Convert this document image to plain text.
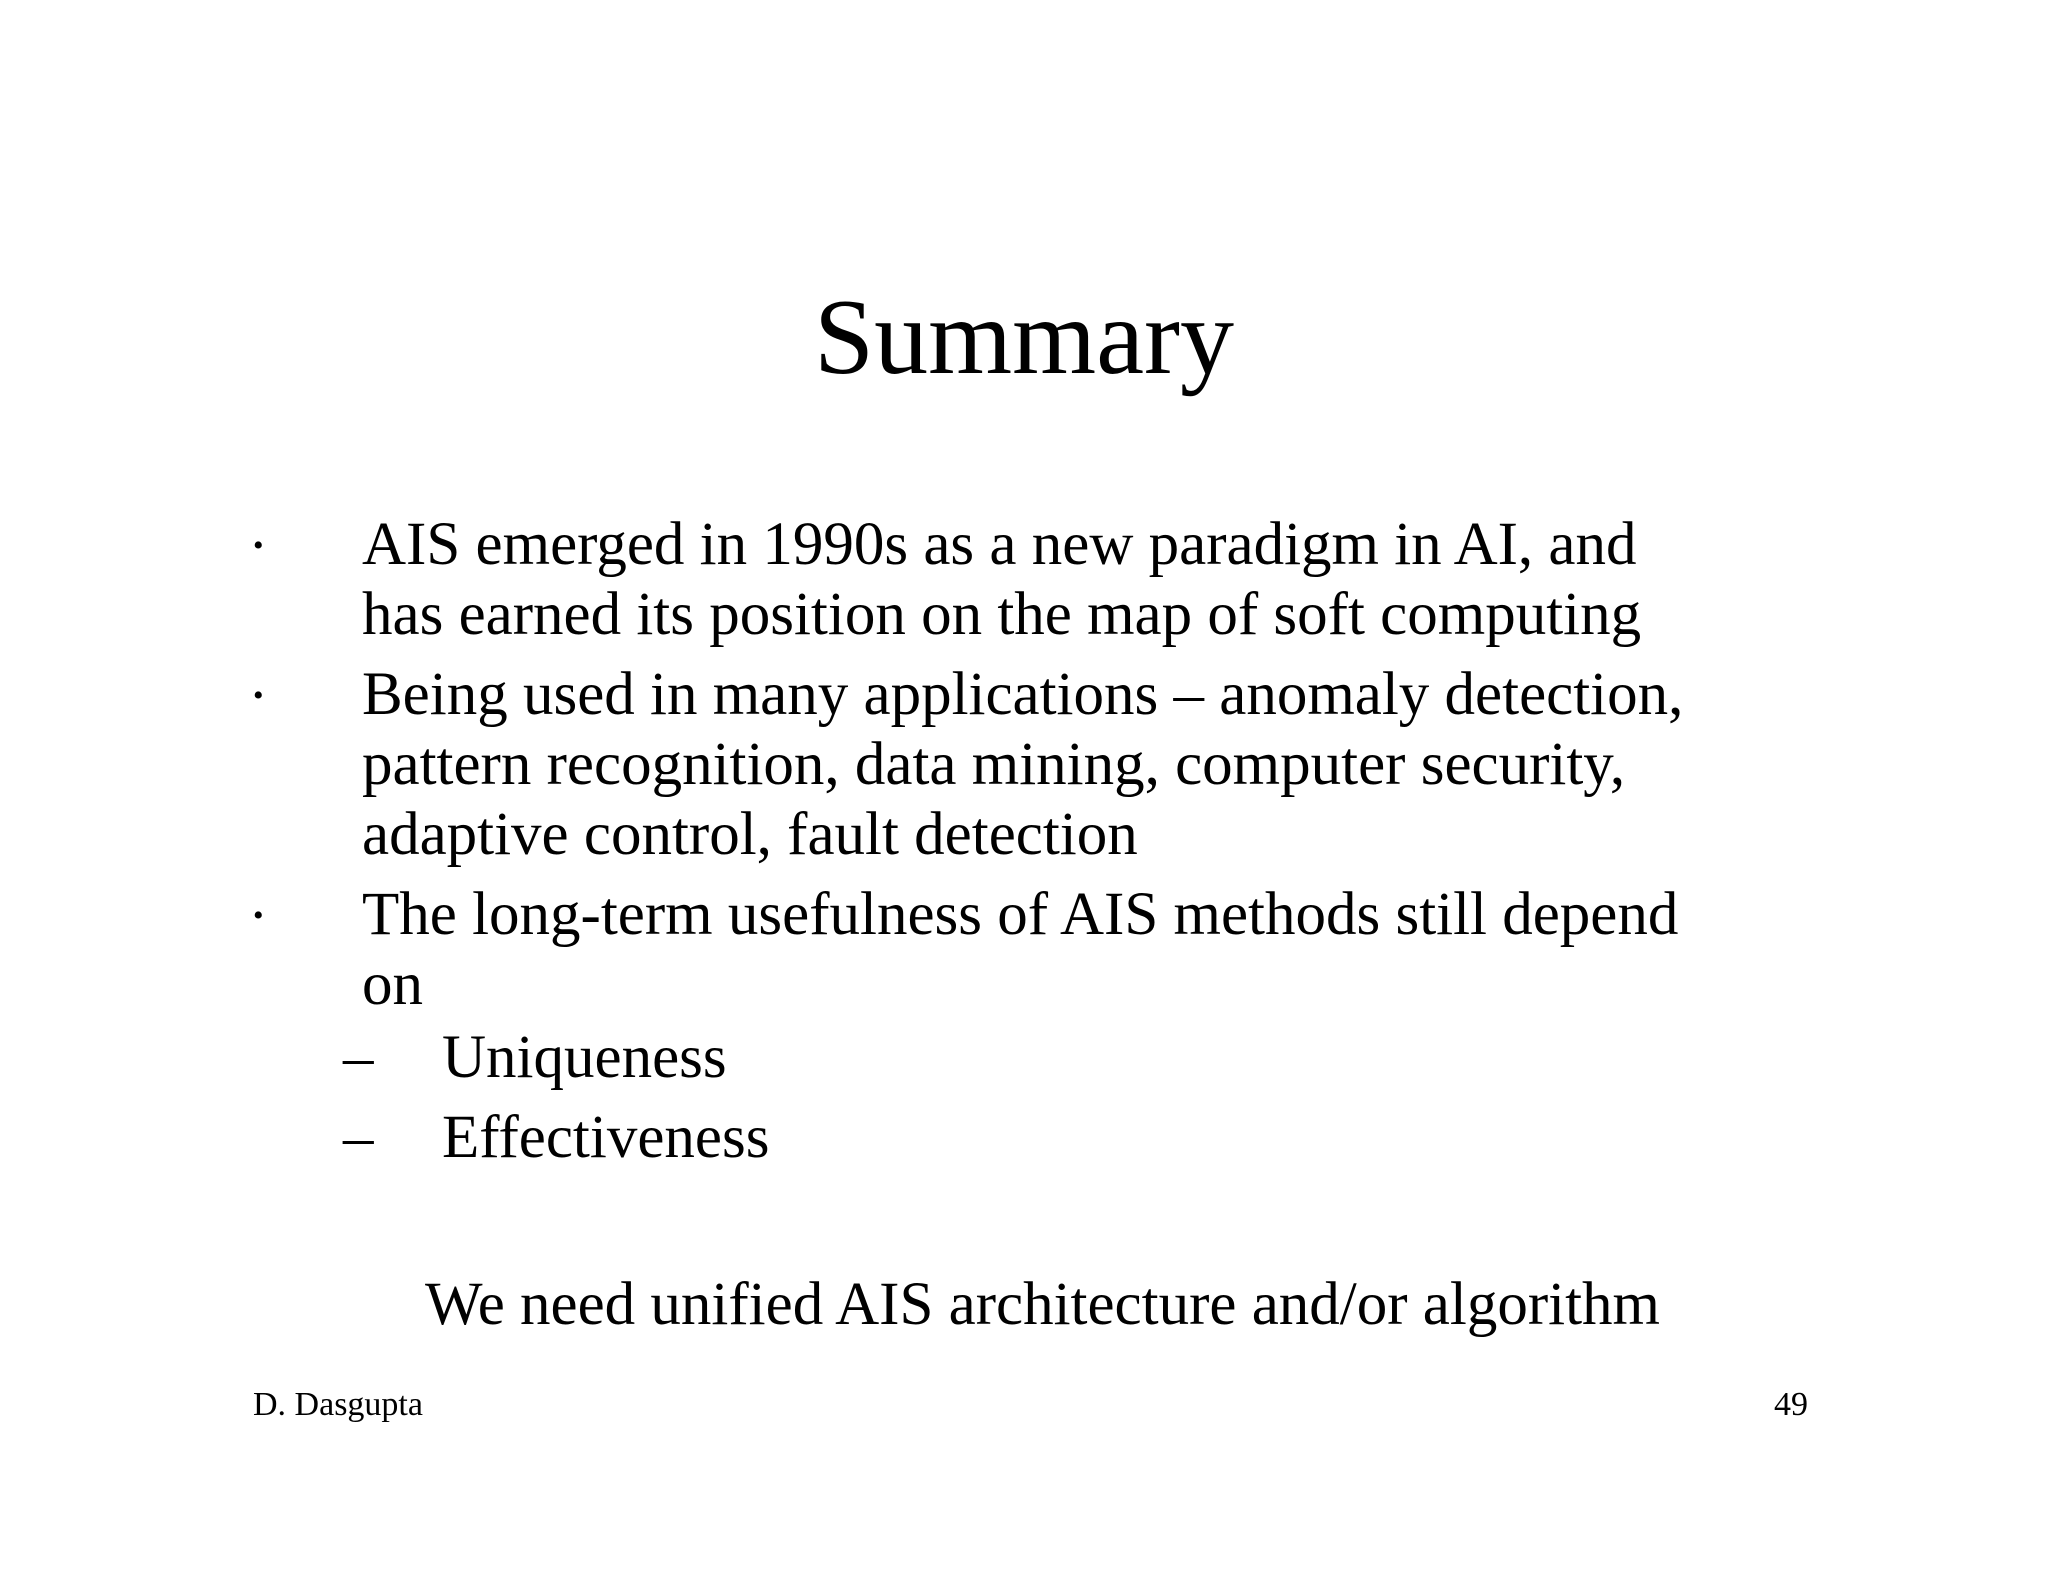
Summary
• AIS emerged in 1990s as a new paradigm in AI, and
has earned its position on the map of soft computing
• Being used in many applications – anomaly detection,
pattern recognition, data mining, computer security,
adaptive control, fault detection
• The long-term usefulness of AIS methods still depend
on
– Uniqueness
– Effectiveness
We need unified AIS architecture and/or algorithm
D. Dasgupta	49
